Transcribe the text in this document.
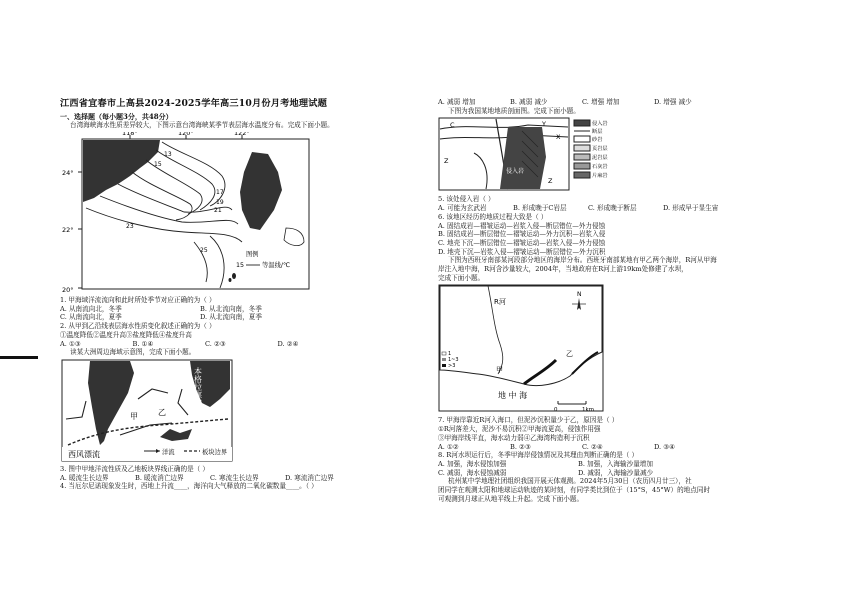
江西省宜春市上高县2024-2025学年高三10月份月考地理试题
一、选择题（每小题3分，共48分）

台湾海峡海水性质差异较大，下图示意台湾海峡某季节表层海水温度分布。完成下面小题。

118°	120°	122°
24°
22°
20°
13
15
17
19
21
23
25
图例
15	等温线/℃

1. 甲海域洋流流向和此时所处季节对应正确的为（ ）

A. 从南流向北，冬季	B. 从北流向南，冬季
C. 从南流向北，夏季	D. 从北流向南，夏季

2. 从甲到乙沿线表层海水性质变化叙述正确的为（ ）

①温度降低②温度升高③盐度降低④盐度升高

A. ①③	B. ①④	C. ②③	D. ②④

读某大洲周边海域示意图，完成下面小题。

秘鲁寒流	本格拉寒流
甲	乙
西风漂流	洋流	板块边界

3. 图中甲地洋流性质及乙地板块界线正确的是（ ）

A. 暖流生长边界	B. 暖流消亡边界	C. 寒流生长边界	D. 寒流消亡边界

4. 当厄尔尼诺现象发生时，西地上升流____，海洋向大气释放的二氧化碳数量____。（ ）

A. 减弱 增加	B. 减弱 减少	C. 增强 增加	D. 增强 减少

下图为我国某地地质剖面图。完成下面小题。

C	Y
X
Z
Z
侵入岩
侵入岩
断层
砂岩
页岩层
泥岩层
石灰岩
片麻岩

5. 该处侵入岩（ ）

A. 可能为玄武岩	B. 形成晚于C岩层	C. 形成晚于断层	D. 形成早于显生宙

6. 该地区经历的地质过程大致是（ ）

A. 固结成岩—褶皱运动—岩浆入侵—断层错位—外力侵蚀

B. 固结成岩—断层错位—褶皱运动—外力沉积—岩浆入侵

C. 地壳下沉—断层错位—褶皱运动—岩浆入侵—外力侵蚀

D. 地壳下沉—岩浆入侵—褶皱运动—断层错位—外力沉积

下图为西班牙南部某河段部分地区的海岸分布。西班牙南部某地有甲乙两个海岸，R河从甲海

岸注入地中海，R河含沙量较大，2004年，当地政府在R河上游19km处修建了水坝，

完成下面小题。

R河
甲
乙
地 中 海
N
1
1~3
>3
0	1km

7. 甲海岸靠近R河入海口，但泥沙沉积量少于乙，原因是（ ）

①R河落差大，泥沙不易沉积②甲海流更高，侵蚀作用强

③甲海岸线平直，海水动力弱④乙海湾构造利于沉积

A. ①②	B. ②③	C. ②④	D. ③④

8. R河水坝运行后，冬季甲海岸侵蚀情况及其理由判断正确的是（ ）

A. 加强，海水侵蚀加强	B. 加强，入海输沙量增加
C. 减弱，海水侵蚀减弱	D. 减弱，入海输沙量减少

杭州某中学地理社团组织我国开展天体观测。2024年5月30日（农历四月廿三），社

团同学在观测太阳和地球运动轨迹的某时刻，有同学类比到位于（15°S，45°W）的地点同时

可观测到月球正从地平线上升起。完成下面小题。
